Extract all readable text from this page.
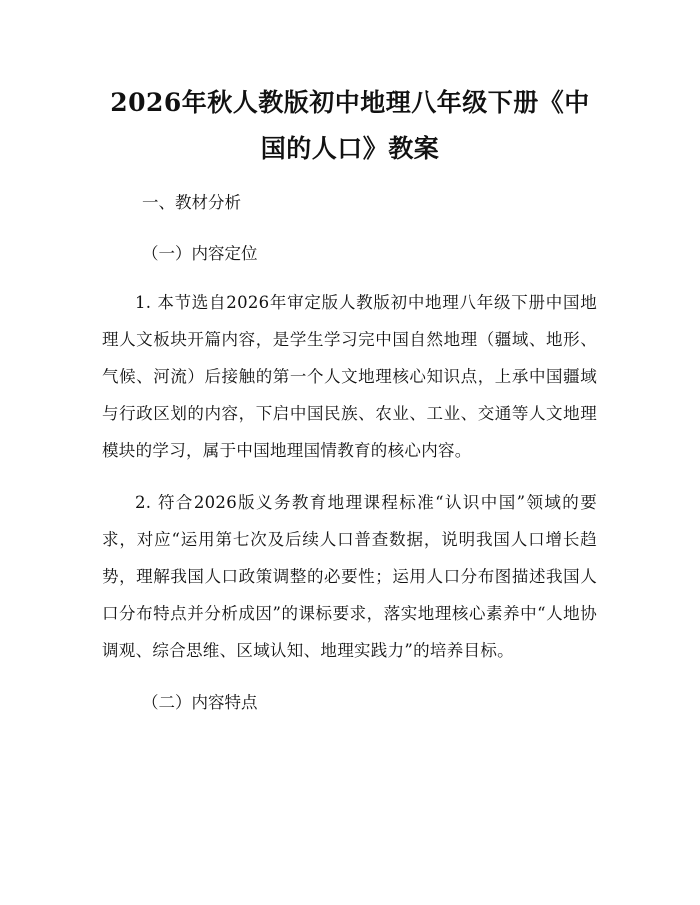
2026年秋人教版初中地理八年级下册《中国的人口》教案

一、教材分析

（一）内容定位

1. 本节选自2026年审定版人教版初中地理八年级下册中国地理人文板块开篇内容，是学生学习完中国自然地理（疆域、地形、气候、河流）后接触的第一个人文地理核心知识点，上承中国疆域与行政区划的内容，下启中国民族、农业、工业、交通等人文地理模块的学习，属于中国地理国情教育的核心内容。

2. 符合2026版义务教育地理课程标准“认识中国”领域的要求，对应“运用第七次及后续人口普查数据，说明我国人口增长趋势，理解我国人口政策调整的必要性；运用人口分布图描述我国人口分布特点并分析成因”的课标要求，落实地理核心素养中“人地协调观、综合思维、区域认知、地理实践力”的培养目标。

（二）内容特点
